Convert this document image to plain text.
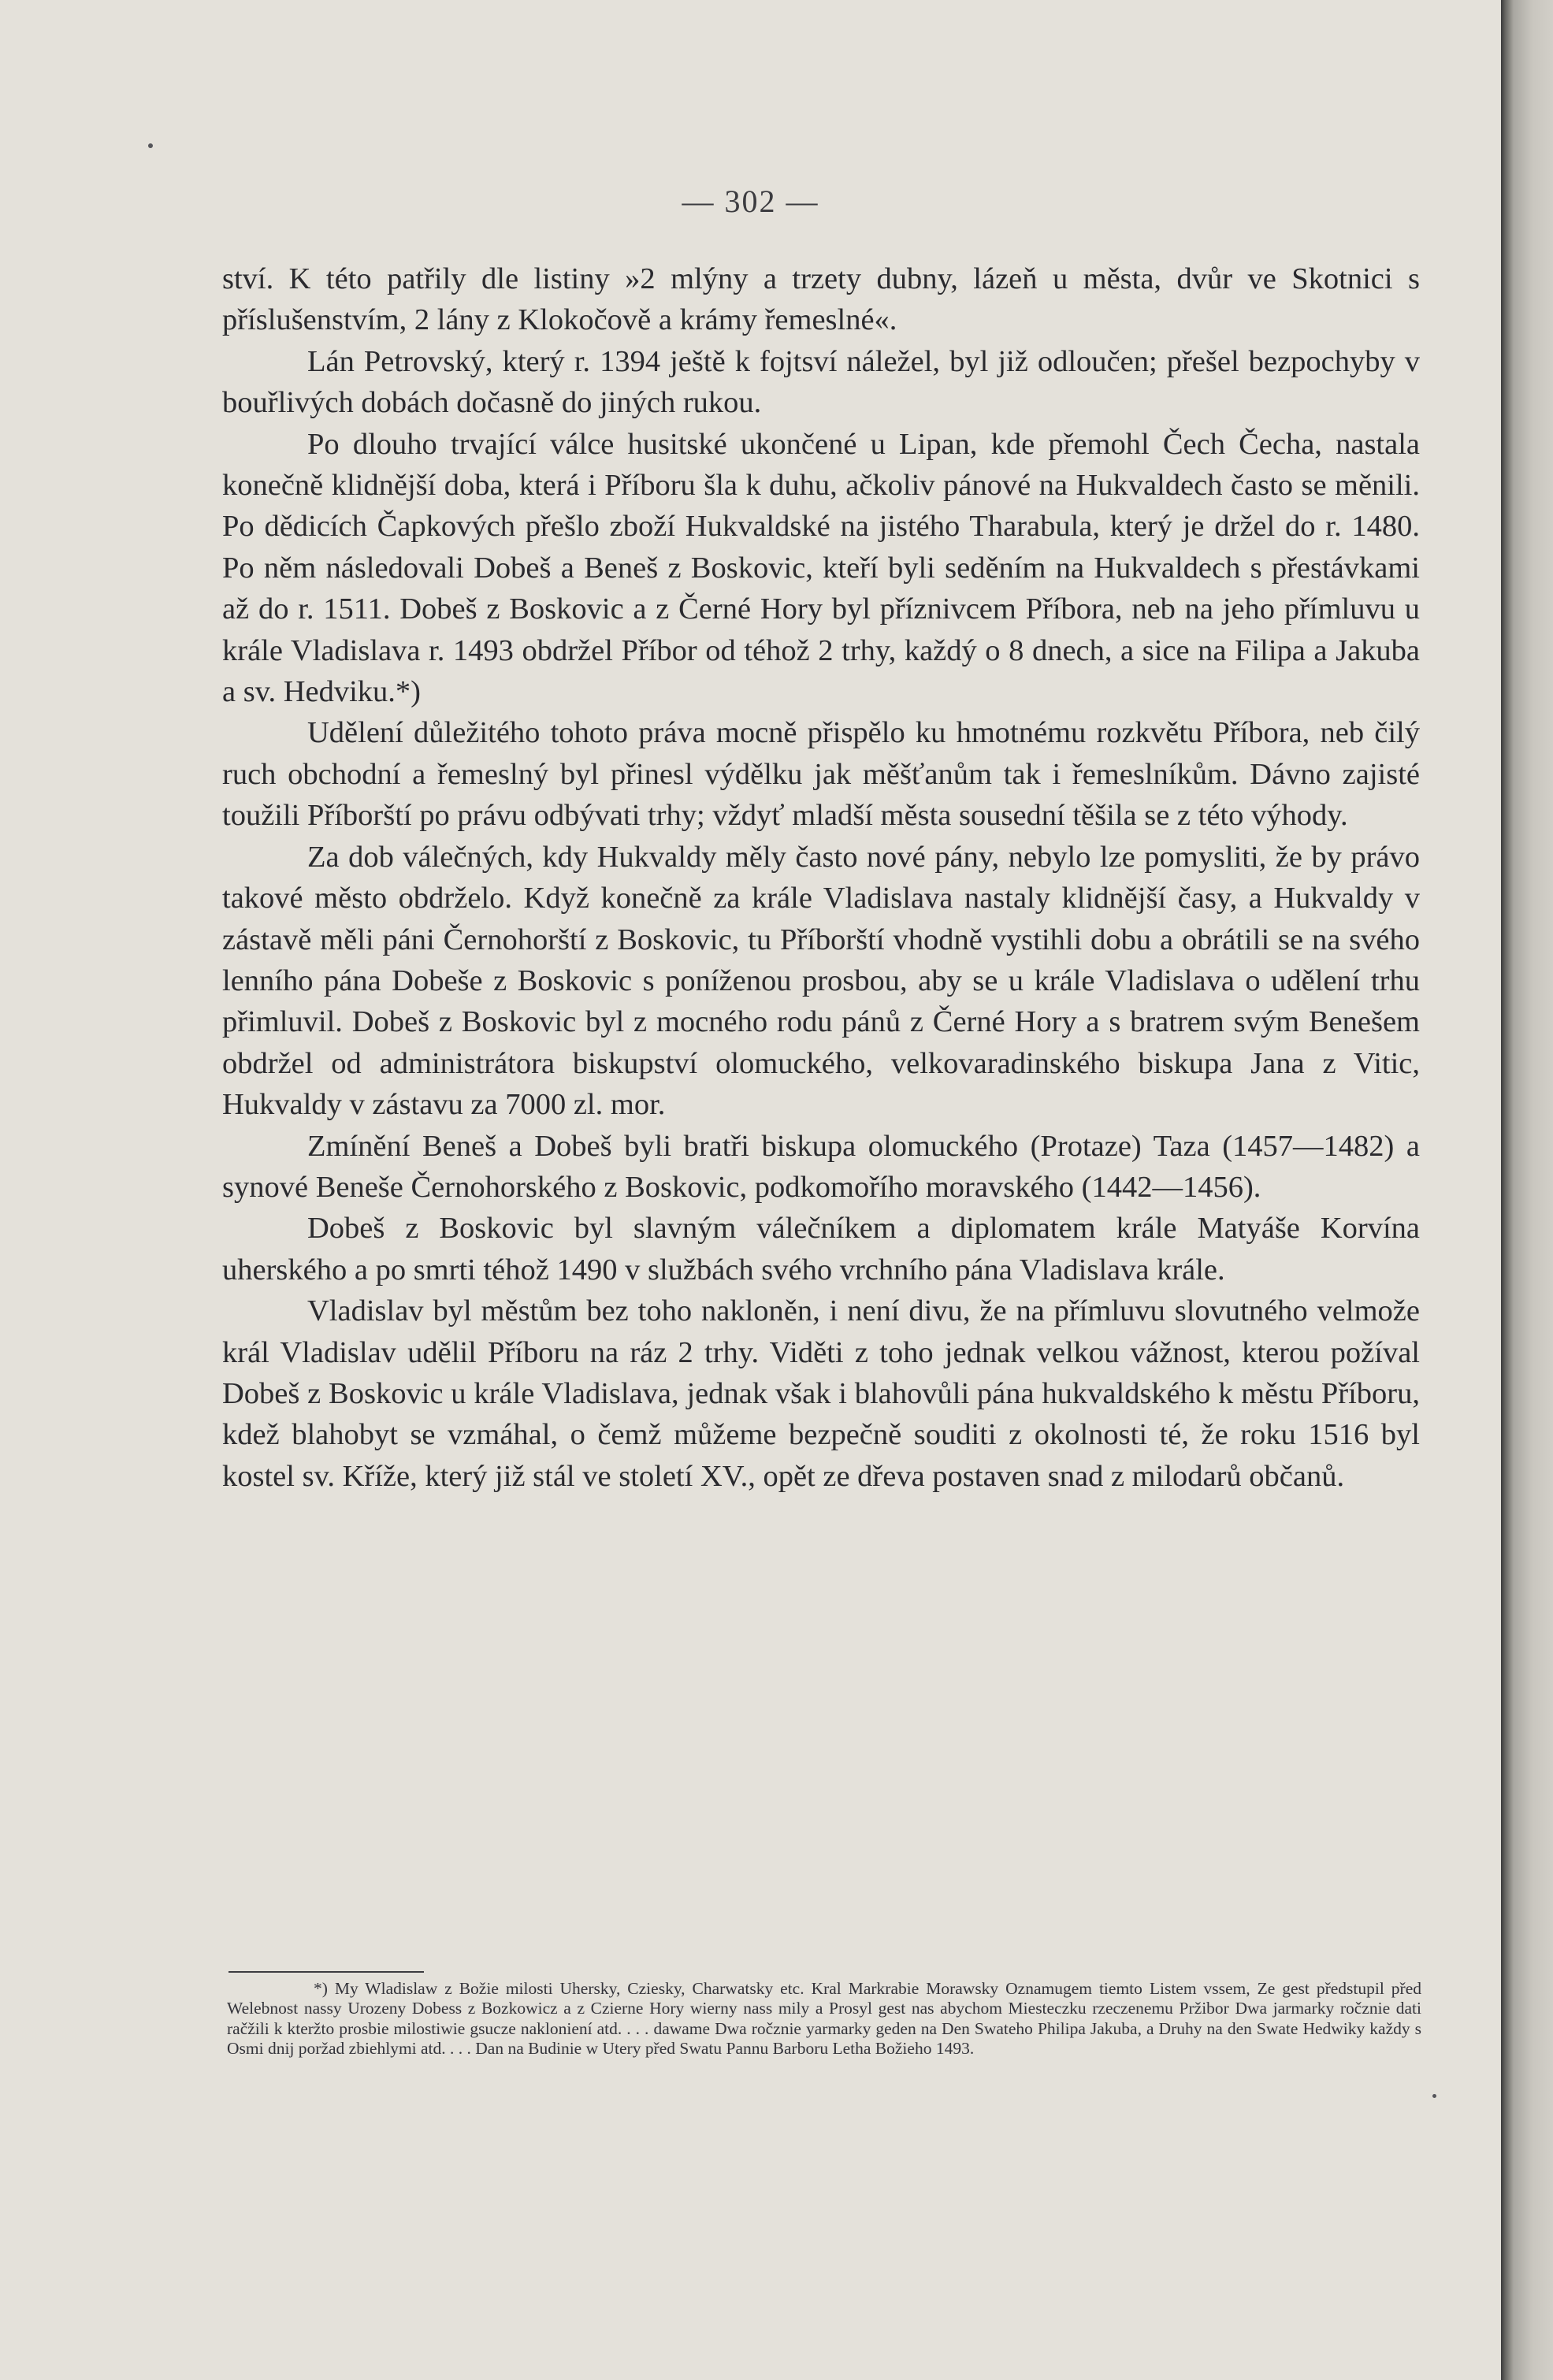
— 302 —

ství. K této patřily dle listiny »2 mlýny a trzety dubny, lázeň u města, dvůr ve Skotnici s příslušenstvím, 2 lány z Klokočově a krámy řemeslné«.

Lán Petrovský, který r. 1394 ještě k fojtsví náležel, byl již odloučen; přešel bezpochyby v bouřlivých dobách dočasně do jiných rukou.

Po dlouho trvající válce husitské ukončené u Lipan, kde přemohl Čech Čecha, nastala konečně klidnější doba, která i Příboru šla k duhu, ačkoliv pánové na Hukvaldech často se měnili. Po dědicích Čapkových přešlo zboží Hukvaldské na jistého Tharabula, který je držel do r. 1480. Po něm následovali Dobeš a Beneš z Boskovic, kteří byli seděním na Hukvaldech s přestávkami až do r. 1511. Dobeš z Boskovic a z Černé Hory byl příznivcem Příbora, neb na jeho přímluvu u krále Vladislava r. 1493 obdržel Příbor od téhož 2 trhy, každý o 8 dnech, a sice na Filipa a Jakuba a sv. Hedviku.*)

Udělení důležitého tohoto práva mocně přispělo ku hmotnému rozkvětu Příbora, neb čilý ruch obchodní a řemeslný byl přinesl výdělku jak měšťanům tak i řemeslníkům. Dávno zajisté toužili Příborští po právu odbývati trhy; vždyť mladší města sousední těšila se z této výhody.

Za dob válečných, kdy Hukvaldy měly často nové pány, nebylo lze pomysliti, že by právo takové město obdrželo. Když konečně za krále Vladislava nastaly klidnější časy, a Hukvaldy v zástavě měli páni Černohorští z Boskovic, tu Příborští vhodně vystihli dobu a obrátili se na svého lenního pána Dobeše z Boskovic s poníženou prosbou, aby se u krále Vladislava o udělení trhu přimluvil. Dobeš z Boskovic byl z mocného rodu pánů z Černé Hory a s bratrem svým Benešem obdržel od administrátora biskupství olomuckého, velkovaradinského biskupa Jana z Vitic, Hukvaldy v zástavu za 7000 zl. mor.

Zmínění Beneš a Dobeš byli bratři biskupa olomuckého (Protaze) Taza (1457—1482) a synové Beneše Černohorského z Boskovic, podkomořího moravského (1442—1456).

Dobeš z Boskovic byl slavným válečníkem a diplomatem krále Matyáše Korvína uherského a po smrti téhož 1490 v službách svého vrchního pána Vladislava krále.

Vladislav byl městům bez toho nakloněn, i není divu, že na přímluvu slovutného velmože král Vladislav udělil Příboru na ráz 2 trhy. Viděti z toho jednak velkou vážnost, kterou požíval Dobeš z Boskovic u krále Vladislava, jednak však i blahovůli pána hukvaldského k městu Příboru, kdež blahobyt se vzmáhal, o čemž můžeme bezpečně souditi z okolnosti té, že roku 1516 byl kostel sv. Kříže, který již stál ve století XV., opět ze dřeva postaven snad z milodarů občanů.

*) My Wladislaw z Božie milosti Uhersky, Cziesky, Charwatsky etc. Kral Markrabie Morawsky Oznamugem tiemto Listem vssem, Ze gest předstupil před Welebnost nassy Urozeny Dobess z Bozkowicz a z Czierne Hory wierny nass mily a Prosyl gest nas abychom Miesteczku rzeczenemu Pržibor Dwa jarmarky ročznie dati račžili k kteržto prosbie milostiwie gsucze nakloniení atd. . . . dawame Dwa ročznie yarmarky geden na Den Swateho Philipa Jakuba, a Druhy na den Swate Hedwiky každy s Osmi dnij poržad zbiehlymi atd. . . . Dan na Budinie w Utery před Swatu Pannu Barboru Letha Božieho 1493.
